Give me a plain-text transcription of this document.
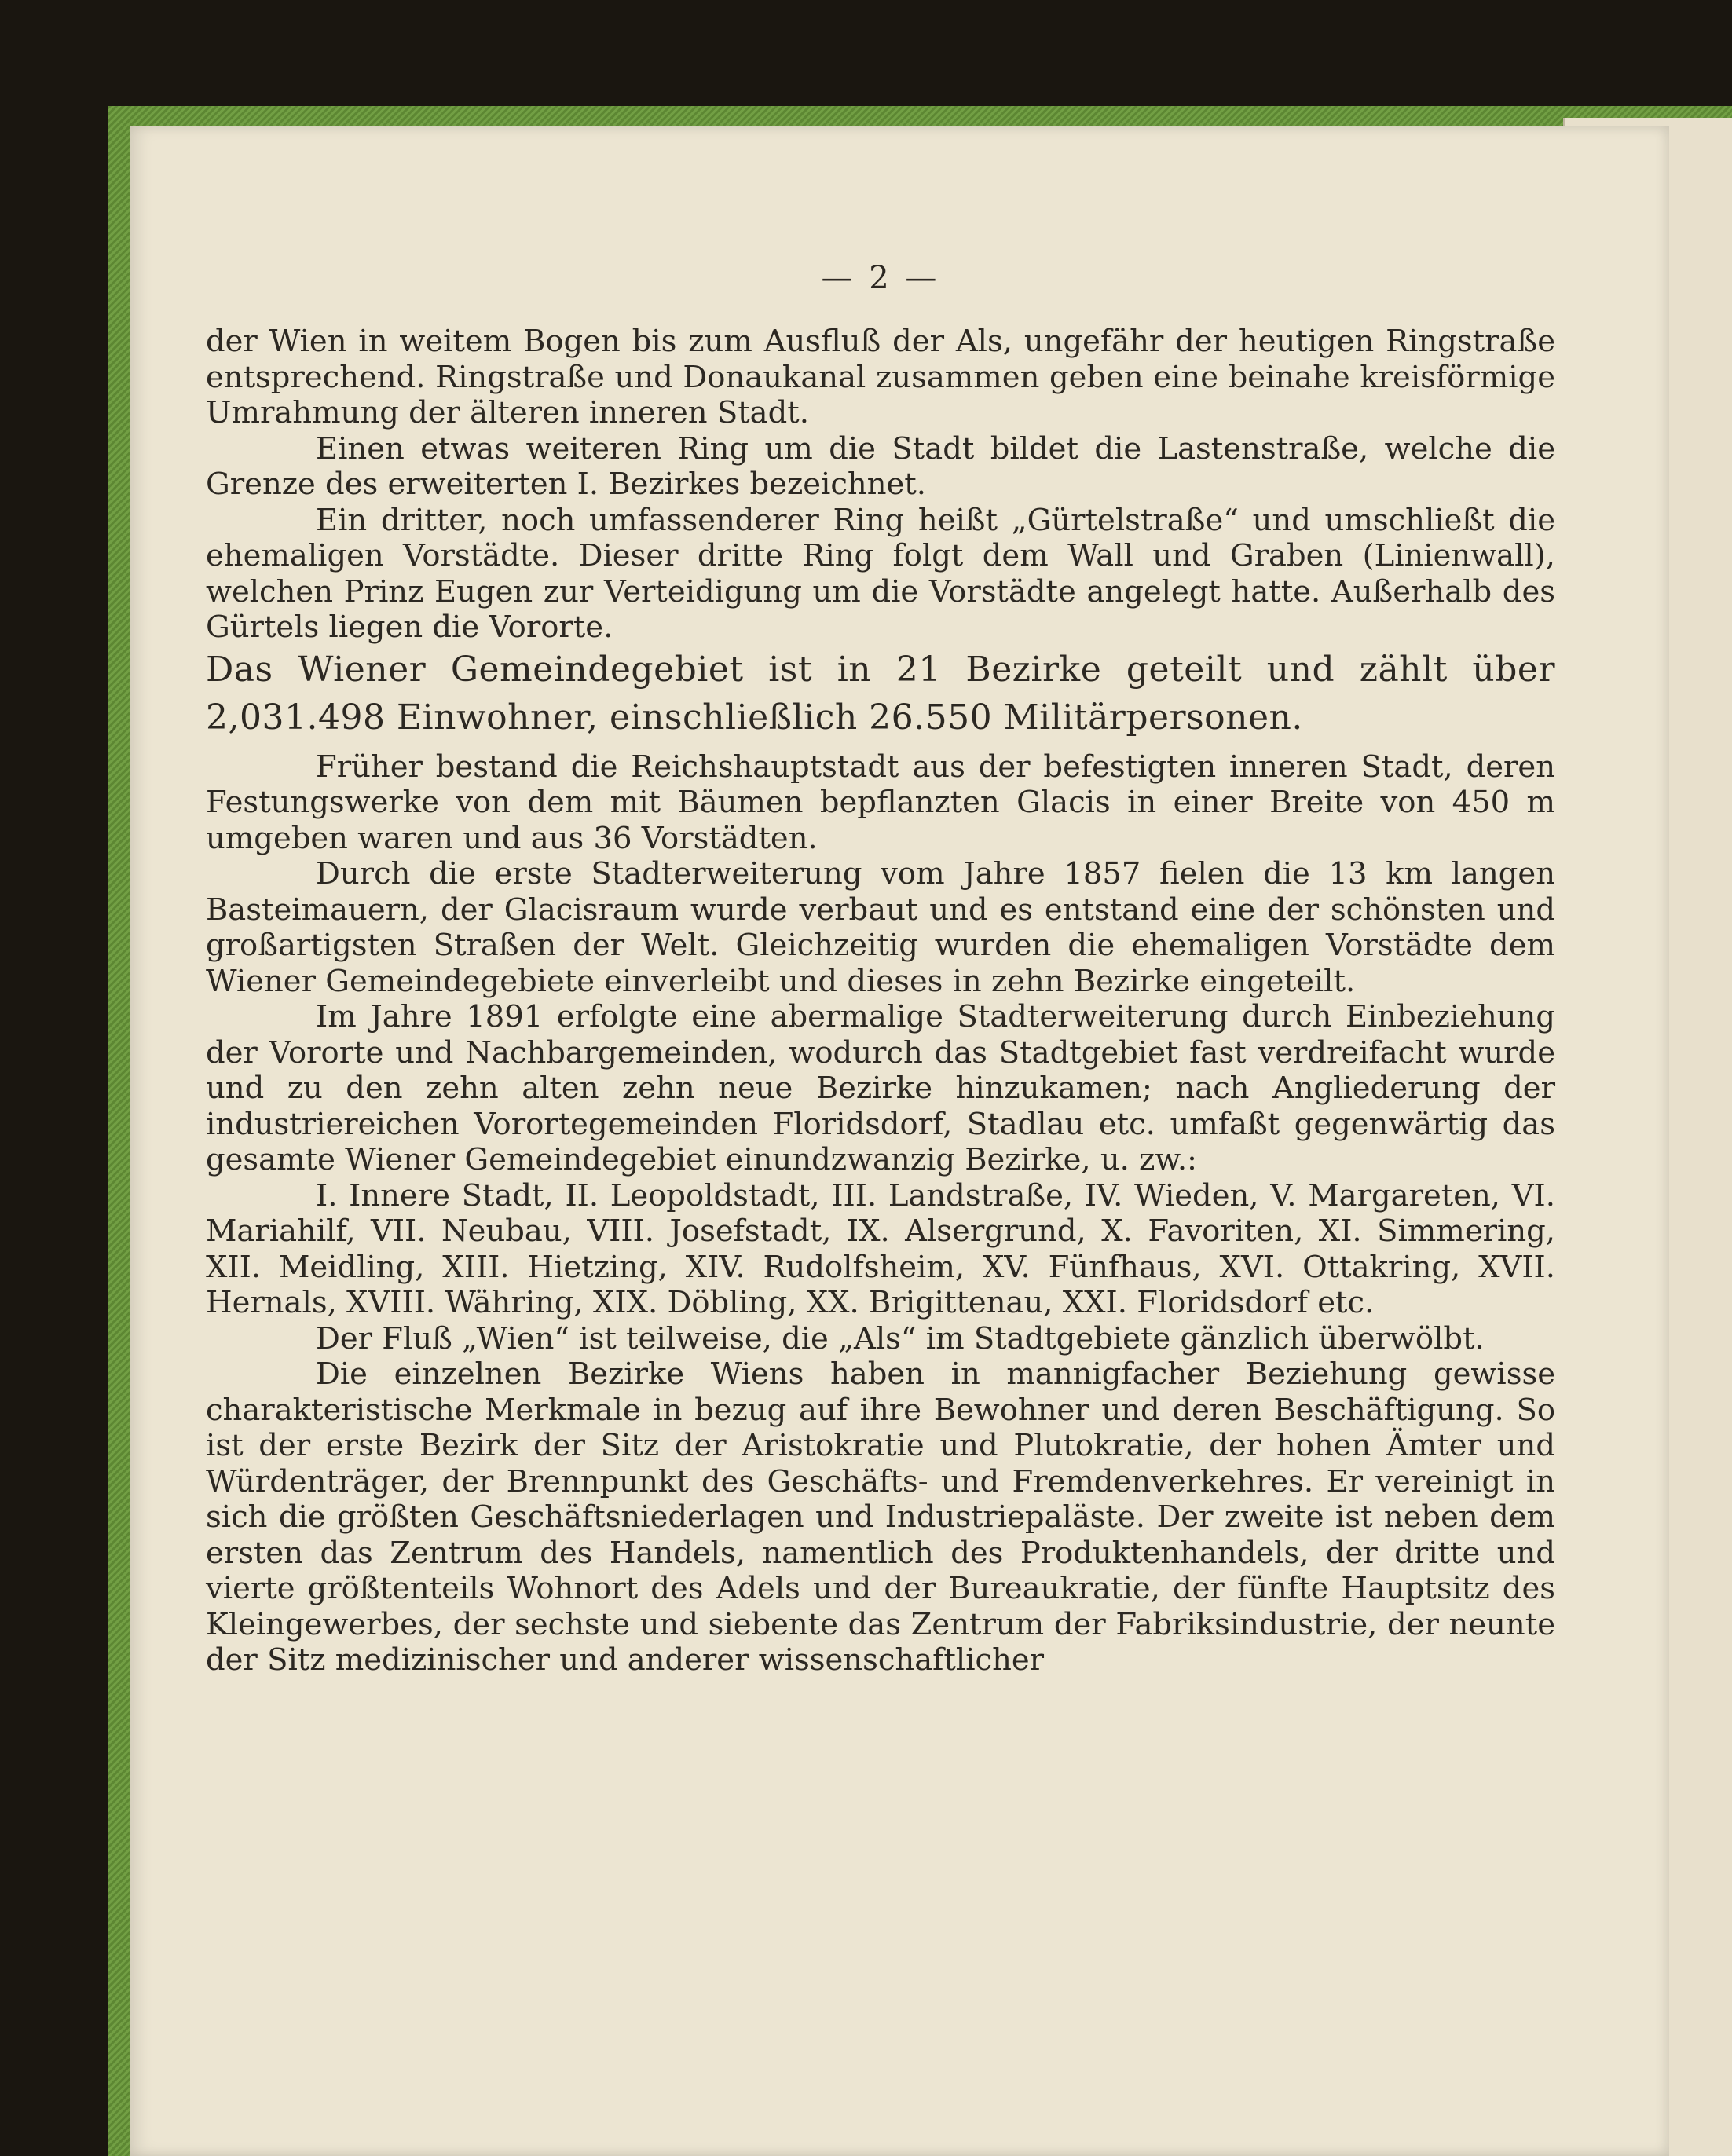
— 2 —

der Wien in weitem Bogen bis zum Ausfluß der Als, ungefähr der heutigen Ringstraße entsprechend. Ringstraße und Donaukanal zusammen geben eine beinahe kreisförmige Umrahmung der älteren inneren Stadt.

Einen etwas weiteren Ring um die Stadt bildet die Lastenstraße, welche die Grenze des erweiterten I. Bezirkes bezeichnet.

Ein dritter, noch umfassenderer Ring heißt „Gürtelstraße“ und umschließt die ehemaligen Vorstädte. Dieser dritte Ring folgt dem Wall und Graben (Linienwall), welchen Prinz Eugen zur Verteidigung um die Vorstädte angelegt hatte. Außerhalb des Gürtels liegen die Vororte.

Das Wiener Gemeindegebiet ist in 21 Bezirke geteilt und zählt über 2,031.498 Einwohner, einschließlich 26.550 Militärpersonen.

Früher bestand die Reichshauptstadt aus der befestigten inneren Stadt, deren Festungswerke von dem mit Bäumen bepflanzten Glacis in einer Breite von 450 m umgeben waren und aus 36 Vorstädten.

Durch die erste Stadterweiterung vom Jahre 1857 fielen die 13 km langen Basteimauern, der Glacisraum wurde verbaut und es entstand eine der schönsten und großartigsten Straßen der Welt. Gleichzeitig wurden die ehemaligen Vorstädte dem Wiener Gemeindegebiete einverleibt und dieses in zehn Bezirke eingeteilt.

Im Jahre 1891 erfolgte eine abermalige Stadterweiterung durch Einbeziehung der Vororte und Nachbargemeinden, wodurch das Stadtgebiet fast verdreifacht wurde und zu den zehn alten zehn neue Bezirke hinzukamen; nach Angliederung der industriereichen Vorortegemeinden Floridsdorf, Stadlau etc. umfaßt gegenwärtig das gesamte Wiener Gemeindegebiet einundzwanzig Bezirke, u. zw.:

I. Innere Stadt, II. Leopoldstadt, III. Landstraße, IV. Wieden, V. Margareten, VI. Mariahilf, VII. Neubau, VIII. Josefstadt, IX. Alsergrund, X. Favoriten, XI. Simmering, XII. Meidling, XIII. Hietzing, XIV. Rudolfsheim, XV. Fünfhaus, XVI. Ottakring, XVII. Hernals, XVIII. Währing, XIX. Döbling, XX. Brigittenau, XXI. Floridsdorf etc.

Der Fluß „Wien“ ist teilweise, die „Als“ im Stadtgebiete gänzlich überwölbt.

Die einzelnen Bezirke Wiens haben in mannigfacher Beziehung gewisse charakteristische Merkmale in bezug auf ihre Bewohner und deren Beschäftigung. So ist der erste Bezirk der Sitz der Aristokratie und Plutokratie, der hohen Ämter und Würdenträger, der Brennpunkt des Geschäfts- und Fremdenverkehres. Er vereinigt in sich die größten Geschäftsniederlagen und Industriepaläste. Der zweite ist neben dem ersten das Zentrum des Handels, namentlich des Produktenhandels, der dritte und vierte größtenteils Wohnort des Adels und der Bureaukratie, der fünfte Hauptsitz des Kleingewerbes, der sechste und siebente das Zentrum der Fabriksindustrie, der neunte der Sitz medizinischer und anderer wissenschaftlicher
